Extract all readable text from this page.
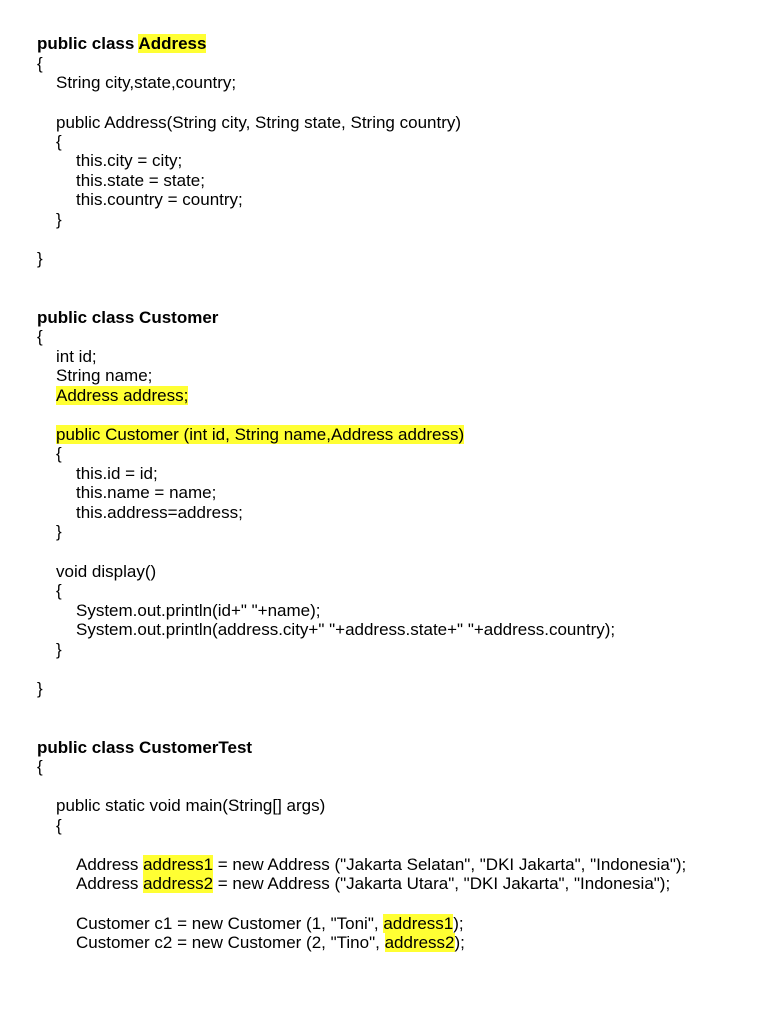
public class Address
{
String city,state,country;
public Address(String city, String state, String country)
{
this.city = city;
this.state = state;
this.country = country;
}
}
public class Customer
{
int id;
String name;
Address address;
public Customer (int id, String name,Address address)
{
this.id = id;
this.name = name;
this.address=address;
}
void display()
{
System.out.println(id+" "+name);
System.out.println(address.city+" "+address.state+" "+address.country);
}
}
public class CustomerTest
{
public static void main(String[] args)
{
Address address1 = new Address ("Jakarta Selatan", "DKI Jakarta", "Indonesia");
Address address2 = new Address ("Jakarta Utara", "DKI Jakarta", "Indonesia");
Customer c1 = new Customer (1, "Toni", address1);
Customer c2 = new Customer (2, "Tino", address2);
